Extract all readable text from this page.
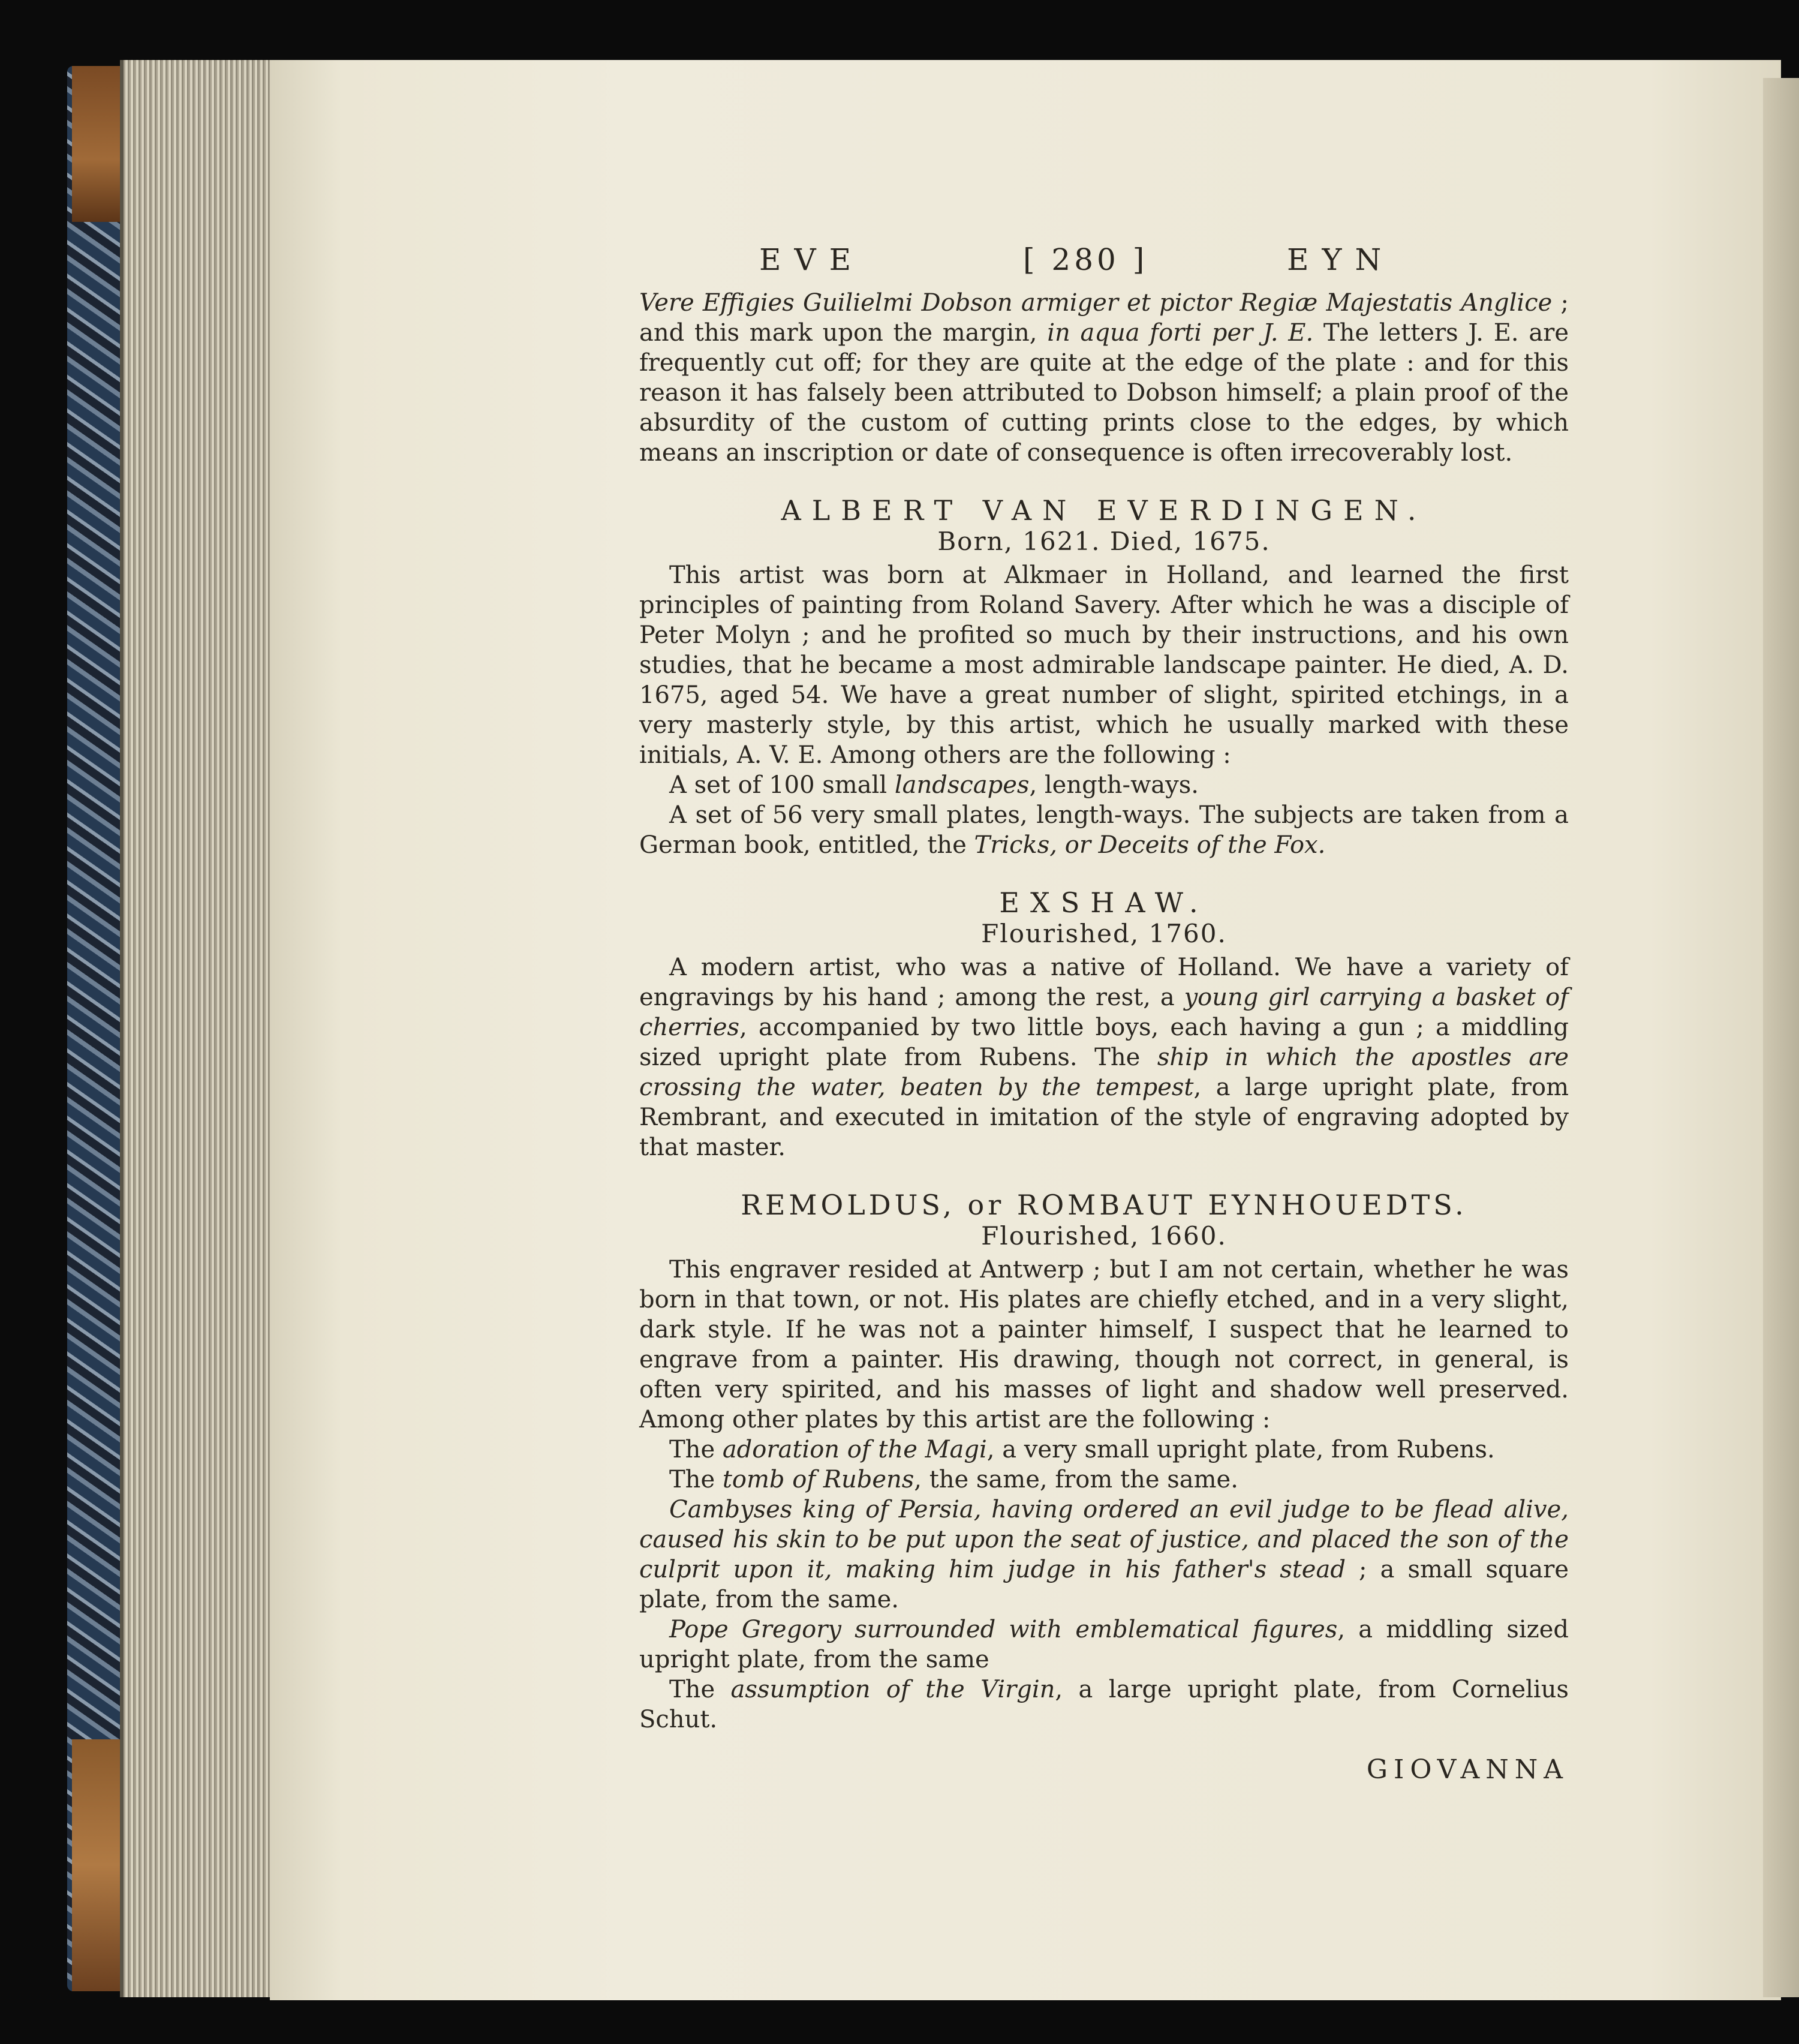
EVE	[ 280 ]	EYN

Vere Effigies Guilielmi Dobson armiger et pictor Regiæ Majestatis Anglice ; and this mark upon the margin, in aqua forti per J. E. The letters J. E. are frequently cut off; for they are quite at the edge of the plate : and for this reason it has falsely been attributed to Dobson himself; a plain proof of the absurdity of the custom of cutting prints close to the edges, by which means an inscription or date of consequence is often irrecoverably lost.

ALBERT VAN EVERDINGEN.
Born, 1621. Died, 1675.

This artist was born at Alkmaer in Holland, and learned the first principles of painting from Roland Savery. After which he was a disciple of Peter Molyn ; and he profited so much by their instructions, and his own studies, that he became a most admirable landscape painter. He died, A. D. 1675, aged 54. We have a great number of slight, spirited etchings, in a very masterly style, by this artist, which he usually marked with these initials, A. V. E. Among others are the following :

A set of 100 small landscapes, length-ways.

A set of 56 very small plates, length-ways. The subjects are taken from a German book, entitled, the Tricks, or Deceits of the Fox.

EXSHAW.
Flourished, 1760.

A modern artist, who was a native of Holland. We have a variety of engravings by his hand ; among the rest, a young girl carrying a basket of cherries, accompanied by two little boys, each having a gun ; a middling sized upright plate from Rubens. The ship in which the apostles are crossing the water, beaten by the tempest, a large upright plate, from Rembrant, and executed in imitation of the style of engraving adopted by that master.

REMOLDUS, or ROMBAUT EYNHOUEDTS.
Flourished, 1660.

This engraver resided at Antwerp ; but I am not certain, whether he was born in that town, or not. His plates are chiefly etched, and in a very slight, dark style. If he was not a painter himself, I suspect that he learned to engrave from a painter. His drawing, though not correct, in general, is often very spirited, and his masses of light and shadow well preserved. Among other plates by this artist are the following :

The adoration of the Magi, a very small upright plate, from Rubens.

The tomb of Rubens, the same, from the same.

Cambyses king of Persia, having ordered an evil judge to be flead alive, caused his skin to be put upon the seat of justice, and placed the son of the culprit upon it, making him judge in his father's stead ; a small square plate, from the same.

Pope Gregory surrounded with emblematical figures, a middling sized upright plate, from the same

The assumption of the Virgin, a large upright plate, from Cornelius Schut.

GIOVANNA
